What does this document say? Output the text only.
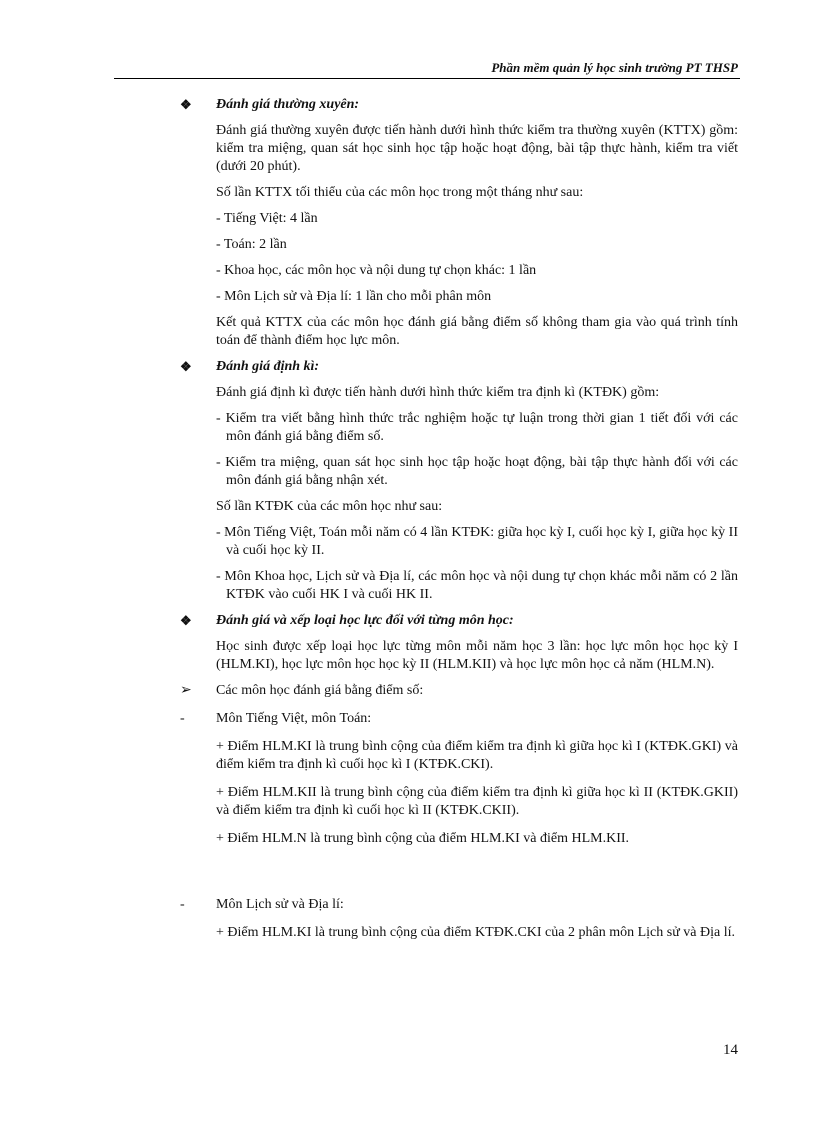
Phần mềm quản lý học sinh trường PT THSP
❖ Đánh giá thường xuyên:

Đánh giá thường xuyên được tiến hành dưới hình thức kiểm tra thường xuyên (KTTX) gồm: kiểm tra miệng, quan sát học sinh học tập hoặc hoạt động, bài tập thực hành, kiểm tra viết (dưới 20 phút).

Số lần KTTX tối thiểu của các môn học trong một tháng như sau:

- Tiếng Việt: 4 lần

- Toán: 2 lần

- Khoa học, các môn học và nội dung tự chọn khác: 1 lần

- Môn Lịch sử và Địa lí: 1 lần cho mỗi phân môn

Kết quả KTTX của các môn học đánh giá bằng điểm số không tham gia vào quá trình tính toán để thành điểm học lực môn.

❖ Đánh giá định kì:

Đánh giá định kì được tiến hành dưới hình thức kiểm tra định kì (KTĐK) gồm:

- Kiểm tra viết bằng hình thức trắc nghiệm hoặc tự luận trong thời gian 1 tiết đối với các môn đánh giá bằng điểm số.

- Kiểm tra miệng, quan sát học sinh học tập hoặc hoạt động, bài tập thực hành đối với các môn đánh giá bằng nhận xét.

Số lần KTĐK của các môn học như sau:

- Môn Tiếng Việt, Toán mỗi năm có 4 lần KTĐK: giữa học kỳ I, cuối học kỳ I, giữa học kỳ II và cuối học kỳ II.

- Môn Khoa học, Lịch sử và Địa lí, các môn học và nội dung tự chọn khác mỗi năm có 2 lần KTĐK vào cuối HK I và cuối HK II.

❖ Đánh giá và xếp loại học lực đối với từng môn học:

Học sinh được xếp loại học lực từng môn mỗi năm học 3 lần: học lực môn học học kỳ I (HLM.KI), học lực môn học học kỳ II (HLM.KII) và học lực môn học cả năm (HLM.N).

➢ Các môn học đánh giá bằng điểm số:
- Môn Tiếng Việt, môn Toán:

+ Điểm HLM.KI là trung bình cộng của điểm kiểm tra định kì giữa học kì I (KTĐK.GKI) và điểm kiểm tra định kì cuối học kì I (KTĐK.CKI).

+ Điểm HLM.KII là trung bình cộng của điểm kiểm tra định kì giữa học kì II (KTĐK.GKII) và điểm kiểm tra định kì cuối học kì II (KTĐK.CKII).

+ Điểm HLM.N là trung bình cộng của điểm HLM.KI và điểm HLM.KII.

- Môn Lịch sử và Địa lí:

+ Điểm HLM.KI là trung bình cộng của điểm KTĐK.CKI của 2 phân môn Lịch sử và Địa lí.

14
